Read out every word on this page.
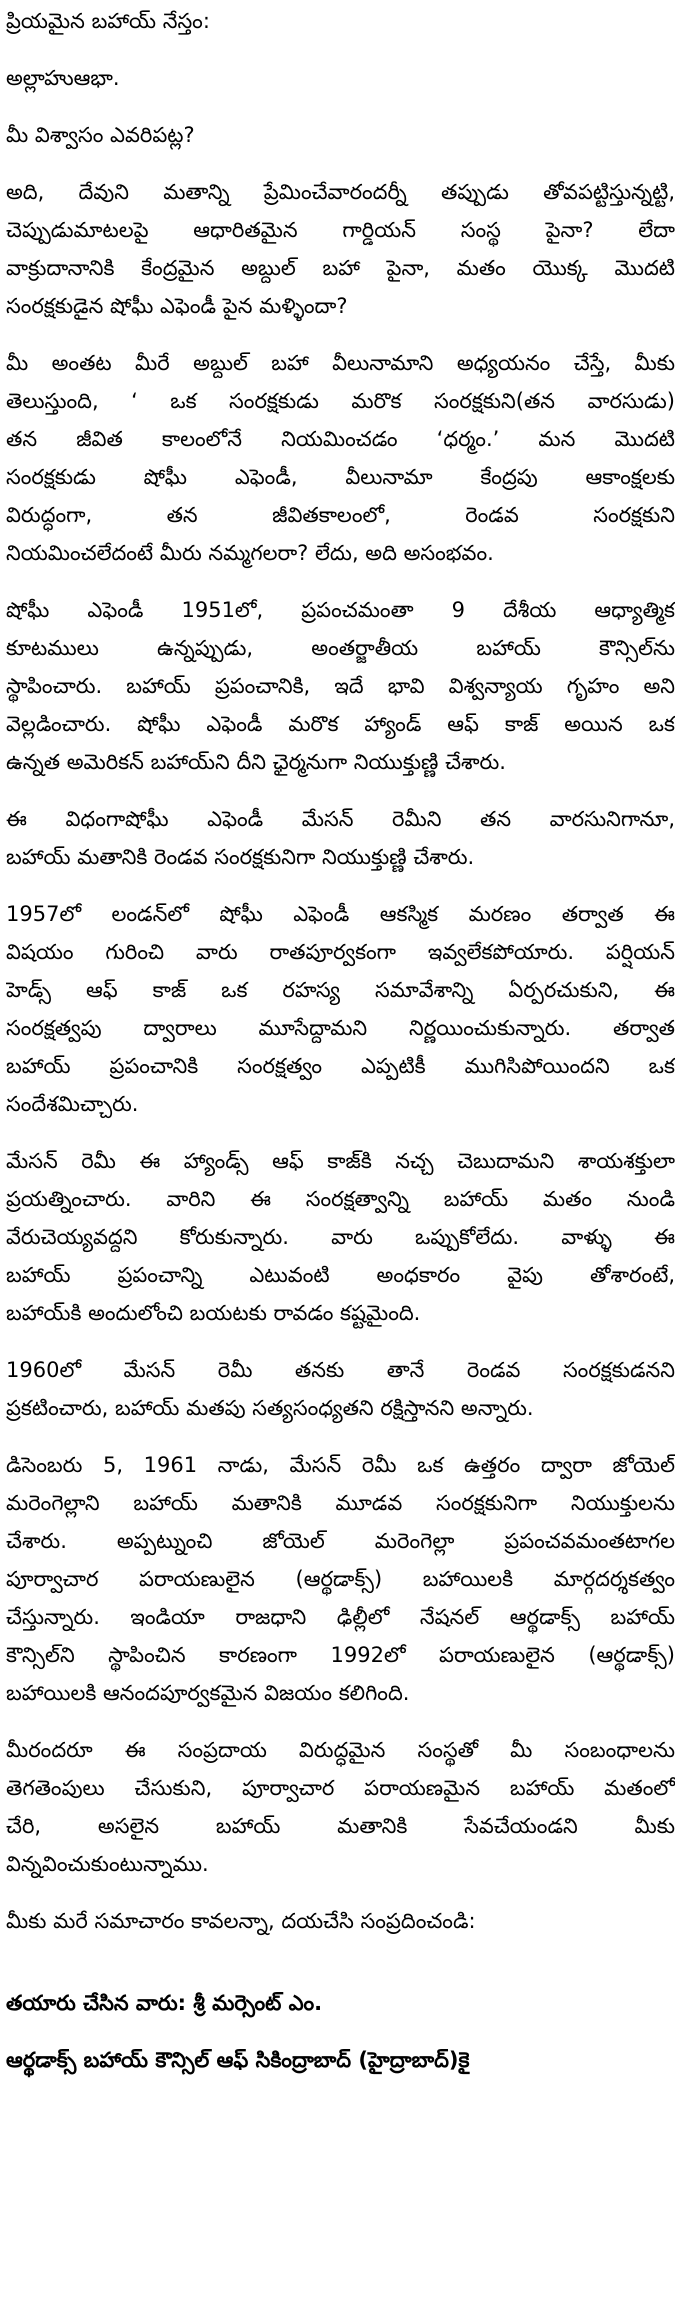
ప్రియమైన బహాయ్ నేస్తం:
అల్లాహుఆభా.
మీ విశ్వాసం ఎవరిపట్ల?
అది, దేవుని మతాన్ని ప్రేమించేవారందర్నీ తప్పుడు తోవపట్టిస్తున్నట్టి,
చెప్పుడుమాటలపై ఆధారితమైన గార్డియన్ సంస్థ పైనా? లేదా
వాక్రుదానానికి కేంద్రమైన అబ్దుల్ బహా పైనా, మతం యొక్క మొదటి
సంరక్షకుడైన షోఘీ ఎఫెండీ పైన మళ్ళిందా?
మీ అంతట మీరే అబ్దుల్ బహా వీలునామాని అధ్యయనం చేస్తే, మీకు
తెలుస్తుంది, ‘ ఒక సంరక్షకుడు మరొక సంరక్షకుని(తన వారసుడు)
తన జీవిత కాలంలోనే నియమించడం ‘ధర్మం.’ మన మొదటి
సంరక్షకుడు షోఘీ ఎఫెండీ, వీలునామా కేంద్రపు ఆకాంక్షలకు
విరుద్ధంగా, తన జీవితకాలంలో, రెండవ సంరక్షకుని
నియమించలేదంటే మీరు నమ్మగలరా? లేదు, అది అసంభవం.
షోఘీ ఎఫెండీ 1951లో, ప్రపంచమంతా 9 దేశీయ ఆధ్యాత్మిక
కూటములు ఉన్నప్పుడు, అంతర్జాతీయ బహాయ్ కౌన్సిల్‌ను
స్థాపించారు. బహాయ్ ప్రపంచానికి, ఇదే భావి విశ్వన్యాయ గృహం అని
వెల్లడించారు. షోఘీ ఎఫెండీ మరొక హ్యాండ్ ఆఫ్ కాజ్ అయిన ఒక
ఉన్నత అమెరికన్ బహాయ్‌ని దీని ఛైర్మనుగా నియుక్తుణ్ణి చేశారు.
ఈ విధంగాషోఘీ ఎఫెండీ మేసన్ రెమీని తన వారసునిగానూ,
బహాయ్ మతానికి రెండవ సంరక్షకునిగా నియుక్తుణ్ణి చేశారు.
1957లో లండన్‌లో షోఘీ ఎఫెండీ ఆకస్మిక మరణం తర్వాత ఈ
విషయం గురించి వారు రాతపూర్వకంగా ఇవ్వలేకపోయారు. పర్షియన్
హెడ్స్ ఆఫ్ కాజ్ ఒక రహస్య సమావేశాన్ని ఏర్పరచుకుని, ఈ
సంరక్షత్వపు ద్వారాలు మూసేద్దామని నిర్ణయించుకున్నారు. తర్వాత
బహాయ్ ప్రపంచానికి సంరక్షత్వం ఎప్పటికీ ముగిసిపోయిందని ఒక
సందేశమిచ్చారు.
మేసన్ రెమీ ఈ హ్యాండ్స్ ఆఫ్ కాజ్‌కి నచ్చ చెబుదామని శాయశక్తులా
ప్రయత్నించారు. వారిని ఈ సంరక్షత్వాన్ని బహాయ్ మతం నుండి
వేరుచెయ్యవద్దని కోరుకున్నారు. వారు ఒప్పుకోలేదు. వాళ్ళు ఈ
బహాయ్ ప్రపంచాన్ని ఎటువంటి అంధకారం వైపు తోశారంటే,
బహాయ్‌కి అందులోంచి బయటకు రావడం కష్టమైంది.
1960లో మేసన్ రెమీ తనకు తానే రెండవ సంరక్షకుడనని
ప్రకటించారు, బహాయ్ మతపు సత్యసంధ్యతని రక్షిస్తానని అన్నారు.
డిసెంబరు 5, 1961 నాడు, మేసన్ రెమీ ఒక ఉత్తరం ద్వారా జోయెల్
మరెంగెల్లాని బహాయ్ మతానికి మూడవ సంరక్షకునిగా నియుక్తులను
చేశారు. అప్పట్నుంచి జోయెల్ మరెంగెల్లా ప్రపంచవమంతటాగల
పూర్వాచార పరాయణులైన (ఆర్థడాక్స్) బహాయిలకి మార్గదర్శకత్వం
చేస్తున్నారు. ఇండియా రాజధాని ఢిల్లీలో నేషనల్ ఆర్థడాక్స్ బహాయ్
కౌన్సిల్‌ని స్థాపించిన కారణంగా 1992లో పరాయణులైన (ఆర్థడాక్స్)
బహాయిలకి ఆనందపూర్వకమైన విజయం కలిగింది.
మీరందరూ ఈ సంప్రదాయ విరుద్ధమైన సంస్థతో మీ సంబంధాలను
తెగతెంపులు చేసుకుని, పూర్వాచార పరాయణమైన బహాయ్ మతంలో
చేరి, అసలైన బహాయ్ మతానికి సేవచేయండని మీకు
విన్నవించుకుంటున్నాము.
మీకు మరే సమాచారం కావలన్నా, దయచేసి సంప్రదించండి:
తయారు చేసిన వారు: శ్రీ మర్సెంట్ ఎం.
ఆర్థడాక్స్ బహాయ్ కౌన్సిల్ ఆఫ్ సికింద్రాబాద్ (హైద్రాబాద్)కై
